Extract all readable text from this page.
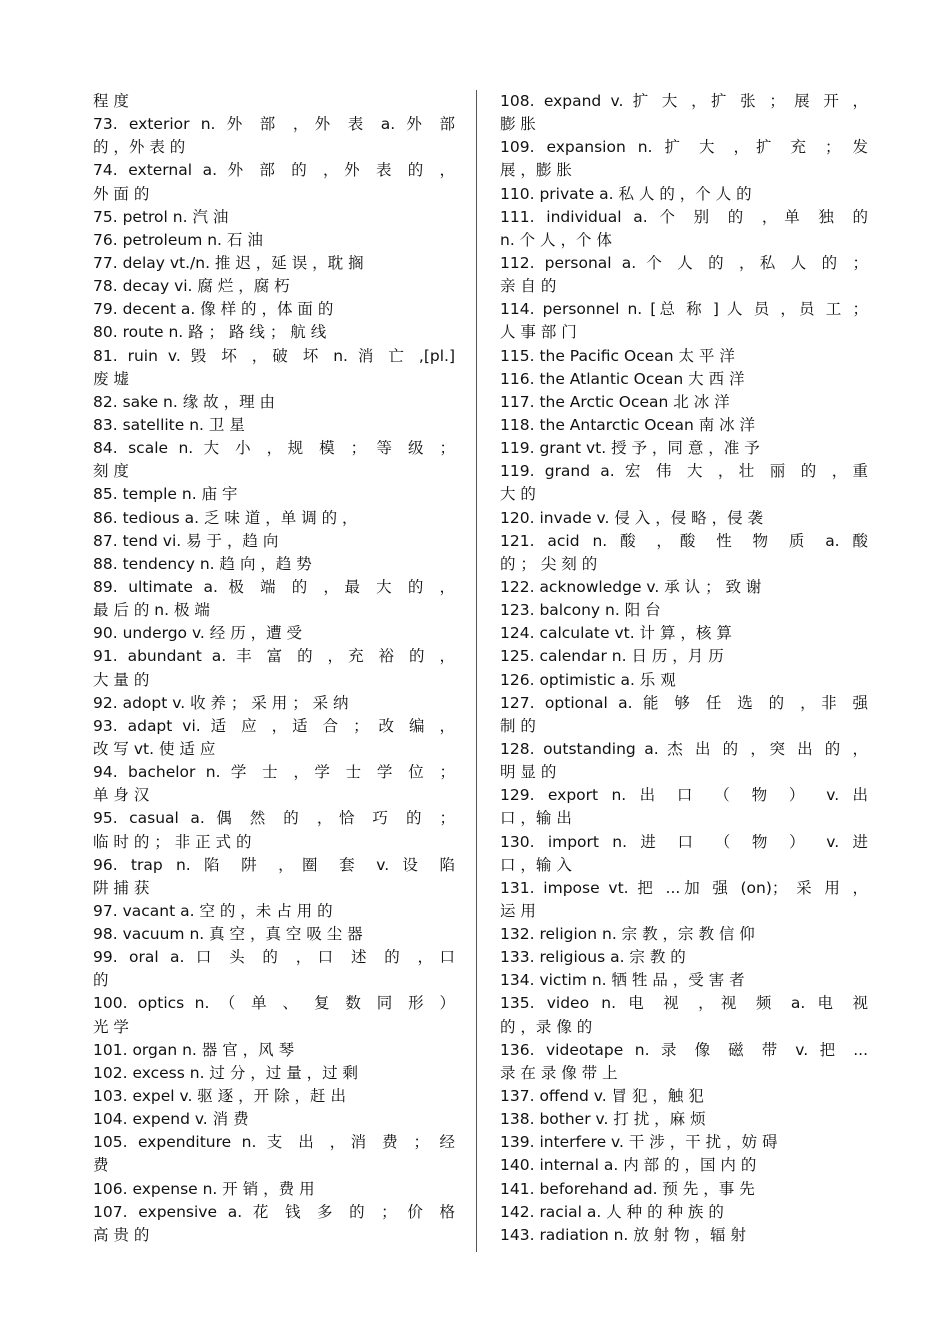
程 度
73. exterior n. 外 部 ，外 表 a. 外 部
的 ，外 表 的
74. external a. 外 部 的 ，外 表 的 ，
外 面 的
75. petrol n. 汽 油
76. petroleum n. 石 油
77. delay vt./n. 推 迟 ，延 误 ，耽 搁
78. decay vi. 腐 烂 ，腐 朽
79. decent a. 像 样 的 ，体 面 的
80. route n. 路 ； 路 线 ； 航 线
81. ruin v. 毁 坏 ，破 坏 n. 消 亡 ,[pl.]
废 墟
82. sake n. 缘 故 ，理 由
83. satellite n. 卫 星
84. scale n. 大 小 ，规 模 ； 等 级 ；
刻 度
85. temple n. 庙 宇
86. tedious a. 乏 味 道 ，单 调 的 ，
87. tend vi. 易 于 ，趋 向
88. tendency n. 趋 向 ，趋 势
89. ultimate a. 极 端 的 ，最 大 的 ，
最 后 的 n. 极 端
90. undergo v. 经 历 ，遭 受
91. abundant a. 丰 富 的 ，充 裕 的 ，
大 量 的
92. adopt v. 收 养 ； 采 用 ； 采 纳
93. adapt vi. 适 应 ，适 合 ； 改 编 ，
改 写 vt. 使 适 应
94. bachelor n. 学 士 ，学 士 学 位 ；
单 身 汉
95. casual a. 偶 然 的 ，恰 巧 的 ；
临 时 的 ； 非 正 式 的
96. trap n. 陷 阱 ，圈 套 v. 设 陷
阱 捕 获
97. vacant a. 空 的 ，未 占 用 的
98. vacuum n. 真 空 ，真 空 吸 尘 器
99. oral a. 口 头 的 ，口 述 的 ，口
的
100. optics n. （ 单 、 复 数 同 形 ）
光 学
101. organ n. 器 官 ，风 琴
102. excess n. 过 分 ，过 量 ，过 剩
103. expel v. 驱 逐 ，开 除 ，赶 出
104. expend v. 消 费
105. expenditure n. 支 出 ，消 费 ； 经
费
106. expense n. 开 销 ，费 用
107. expensive a. 花 钱 多 的 ； 价 格
高 贵 的
108. expand v. 扩 大 ，扩 张 ； 展 开 ，
膨 胀
109. expansion n. 扩 大 ，扩 充 ； 发
展 ，膨 胀
110. private a. 私 人 的 ，个 人 的
111. individual a. 个 别 的 ，单 独 的
n. 个 人 ，个 体
112. personal a. 个 人 的 ，私 人 的 ；
亲 自 的
114. personnel n. [总 称 ] 人 员 ，员 工 ；
人 事 部 门
115. the Pacific Ocean 太 平 洋
116. the Atlantic Ocean 大 西 洋
117. the Arctic Ocean 北 冰 洋
118. the Antarctic Ocean 南 冰 洋
119. grant vt. 授 予 ，同 意 ，准 予
119. grand a. 宏 伟 大 ，壮 丽 的 ，重
大 的
120. invade v. 侵 入 ，侵 略 ，侵 袭
121. acid n. 酸 ，酸 性 物 质 a. 酸
的 ； 尖 刻 的
122. acknowledge v. 承 认 ； 致 谢
123. balcony n. 阳 台
124. calculate vt. 计 算 ，核 算
125. calendar n. 日 历 ，月 历
126. optimistic a. 乐 观
127. optional a. 能 够 任 选 的 ，非 强
制 的
128. outstanding a. 杰 出 的 ，突 出 的 ，
明 显 的
129. export n. 出 口 （ 物 ） v. 出
口 ，输 出
130. import n. 进 口 （ 物 ） v. 进
口 ，输 入
131. impose vt. 把 ...加 强 (on)； 采 用 ，
运 用
132. religion n. 宗 教 ，宗 教 信 仰
133. religious a. 宗 教 的
134. victim n. 牺 牲 品 ，受 害 者
135. video n. 电 视 ，视 频 a. 电 视
的 ，录 像 的
136. videotape n. 录 像 磁 带 v. 把 ...
录 在 录 像 带 上
137. offend v. 冒 犯 ，触 犯
138. bother v. 打 扰 ，麻 烦
139. interfere v. 干 涉 ，干 扰 ，妨 碍
140. internal a. 内 部 的 ，国 内 的
141. beforehand ad. 预 先 ，事 先
142. racial a. 人 种 的 种 族 的
143. radiation n. 放 射 物 ，辐 射
